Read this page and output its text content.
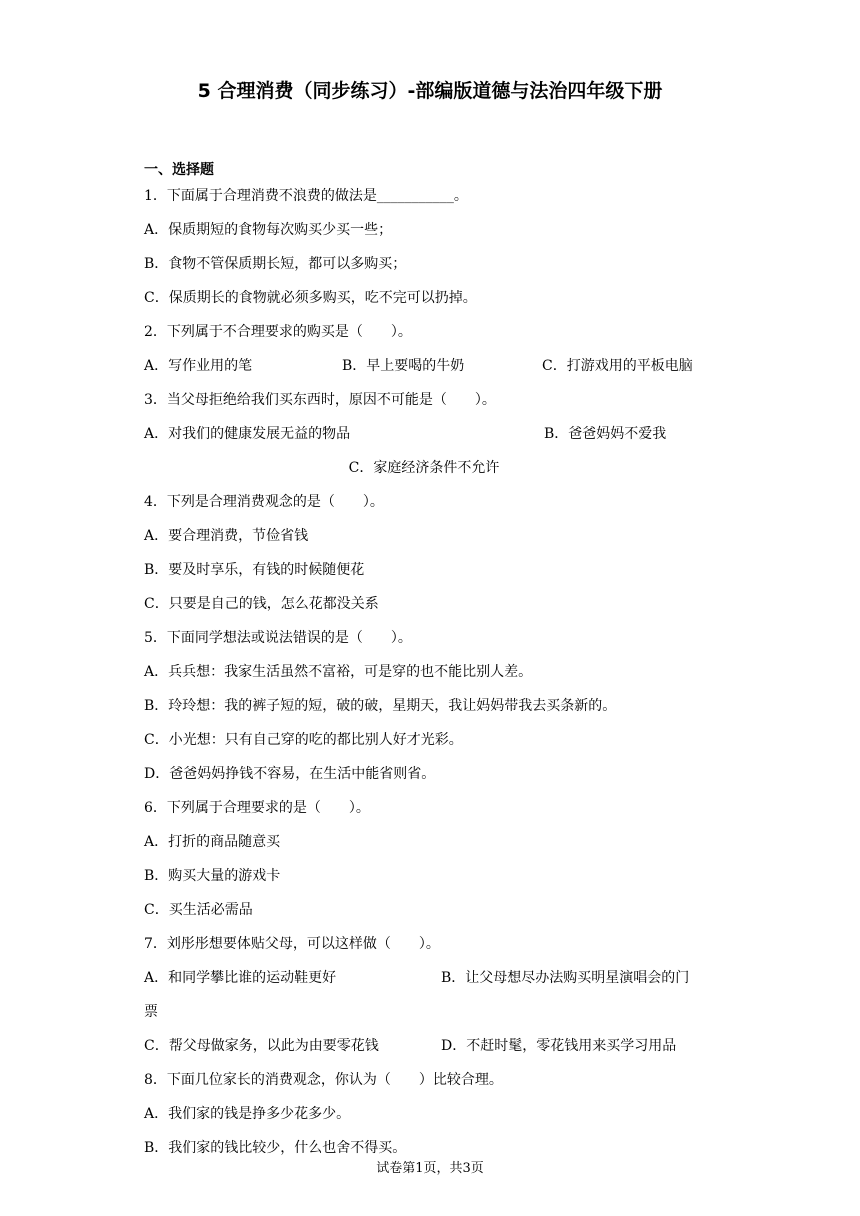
5 合理消费（同步练习）-部编版道德与法治四年级下册
一、选择题
1．下面属于合理消费不浪费的做法是___________。
A．保质期短的食物每次购买少买一些；
B．食物不管保质期长短，都可以多购买；
C．保质期长的食物就必须多购买，吃不完可以扔掉。
2．下列属于不合理要求的购买是（　　）。
A．写作业用的笔	B．早上要喝的牛奶	C．打游戏用的平板电脑
3．当父母拒绝给我们买东西时，原因不可能是（　　）。
A．对我们的健康发展无益的物品	B．爸爸妈妈不爱我
C．家庭经济条件不允许
4．下列是合理消费观念的是（　　）。
A．要合理消费，节俭省钱
B．要及时享乐，有钱的时候随便花
C．只要是自己的钱，怎么花都没关系
5．下面同学想法或说法错误的是（　　）。
A．兵兵想：我家生活虽然不富裕，可是穿的也不能比别人差。
B．玲玲想：我的裤子短的短，破的破，星期天，我让妈妈带我去买条新的。
C．小光想：只有自己穿的吃的都比别人好才光彩。
D．爸爸妈妈挣钱不容易，在生活中能省则省。
6．下列属于合理要求的是（　　）。
A．打折的商品随意买
B．购买大量的游戏卡
C．买生活必需品
7．刘彤彤想要体贴父母，可以这样做（　　）。
A．和同学攀比谁的运动鞋更好	B．让父母想尽办法购买明星演唱会的门
票
C．帮父母做家务，以此为由要零花钱	D．不赶时髦，零花钱用来买学习用品
8．下面几位家长的消费观念，你认为（　　）比较合理。
A．我们家的钱是挣多少花多少。
B．我们家的钱比较少，什么也舍不得买。
试卷第1页，共3页
